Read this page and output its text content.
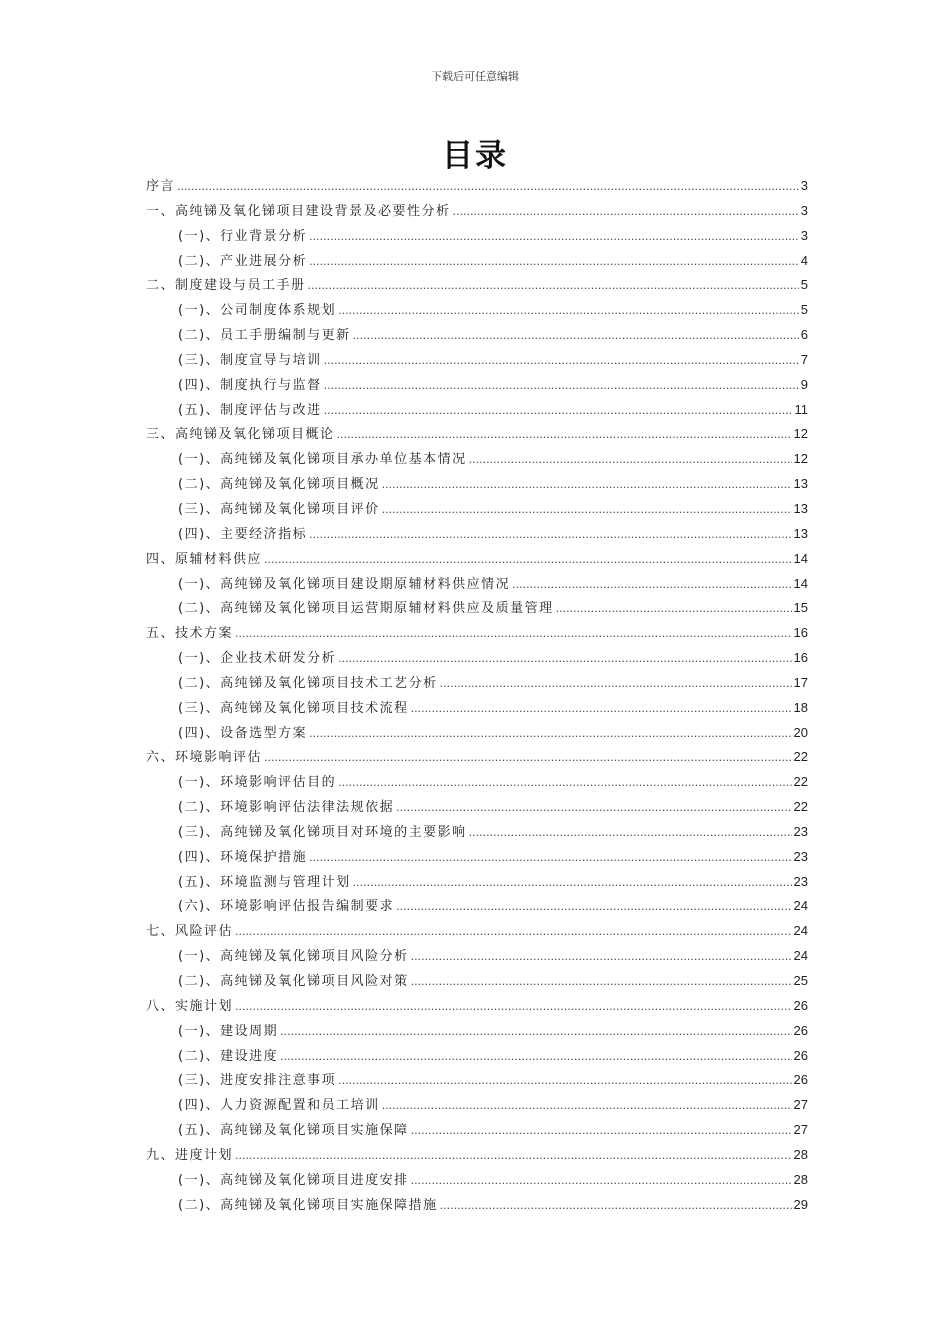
下载后可任意编辑
目录
序言 .....	3
一、高纯锑及氧化锑项目建设背景及必要性分析 .....	3
(一)、行业背景分析 .....	3
(二)、产业进展分析 .....	4
二、制度建设与员工手册 .....	5
(一)、公司制度体系规划 .....	5
(二)、员工手册编制与更新 .....	6
(三)、制度宣导与培训 .....	7
(四)、制度执行与监督 .....	9
(五)、制度评估与改进 .....	11
三、高纯锑及氧化锑项目概论 .....	12
(一)、高纯锑及氧化锑项目承办单位基本情况 .....	12
(二)、高纯锑及氧化锑项目概况 .....	13
(三)、高纯锑及氧化锑项目评价 .....	13
(四)、主要经济指标 .....	13
四、原辅材料供应 .....	14
(一)、高纯锑及氧化锑项目建设期原辅材料供应情况 .....	14
(二)、高纯锑及氧化锑项目运营期原辅材料供应及质量管理 .....	15
五、技术方案 .....	16
(一)、企业技术研发分析 .....	16
(二)、高纯锑及氧化锑项目技术工艺分析 .....	17
(三)、高纯锑及氧化锑项目技术流程 .....	18
(四)、设备选型方案 .....	20
六、环境影响评估 .....	22
(一)、环境影响评估目的 .....	22
(二)、环境影响评估法律法规依据 .....	22
(三)、高纯锑及氧化锑项目对环境的主要影响 .....	23
(四)、环境保护措施 .....	23
(五)、环境监测与管理计划 .....	23
(六)、环境影响评估报告编制要求 .....	24
七、风险评估 .....	24
(一)、高纯锑及氧化锑项目风险分析 .....	24
(二)、高纯锑及氧化锑项目风险对策 .....	25
八、实施计划 .....	26
(一)、建设周期 .....	26
(二)、建设进度 .....	26
(三)、进度安排注意事项 .....	26
(四)、人力资源配置和员工培训 .....	27
(五)、高纯锑及氧化锑项目实施保障 .....	27
九、进度计划 .....	28
(一)、高纯锑及氧化锑项目进度安排 .....	28
(二)、高纯锑及氧化锑项目实施保障措施 .....	29
